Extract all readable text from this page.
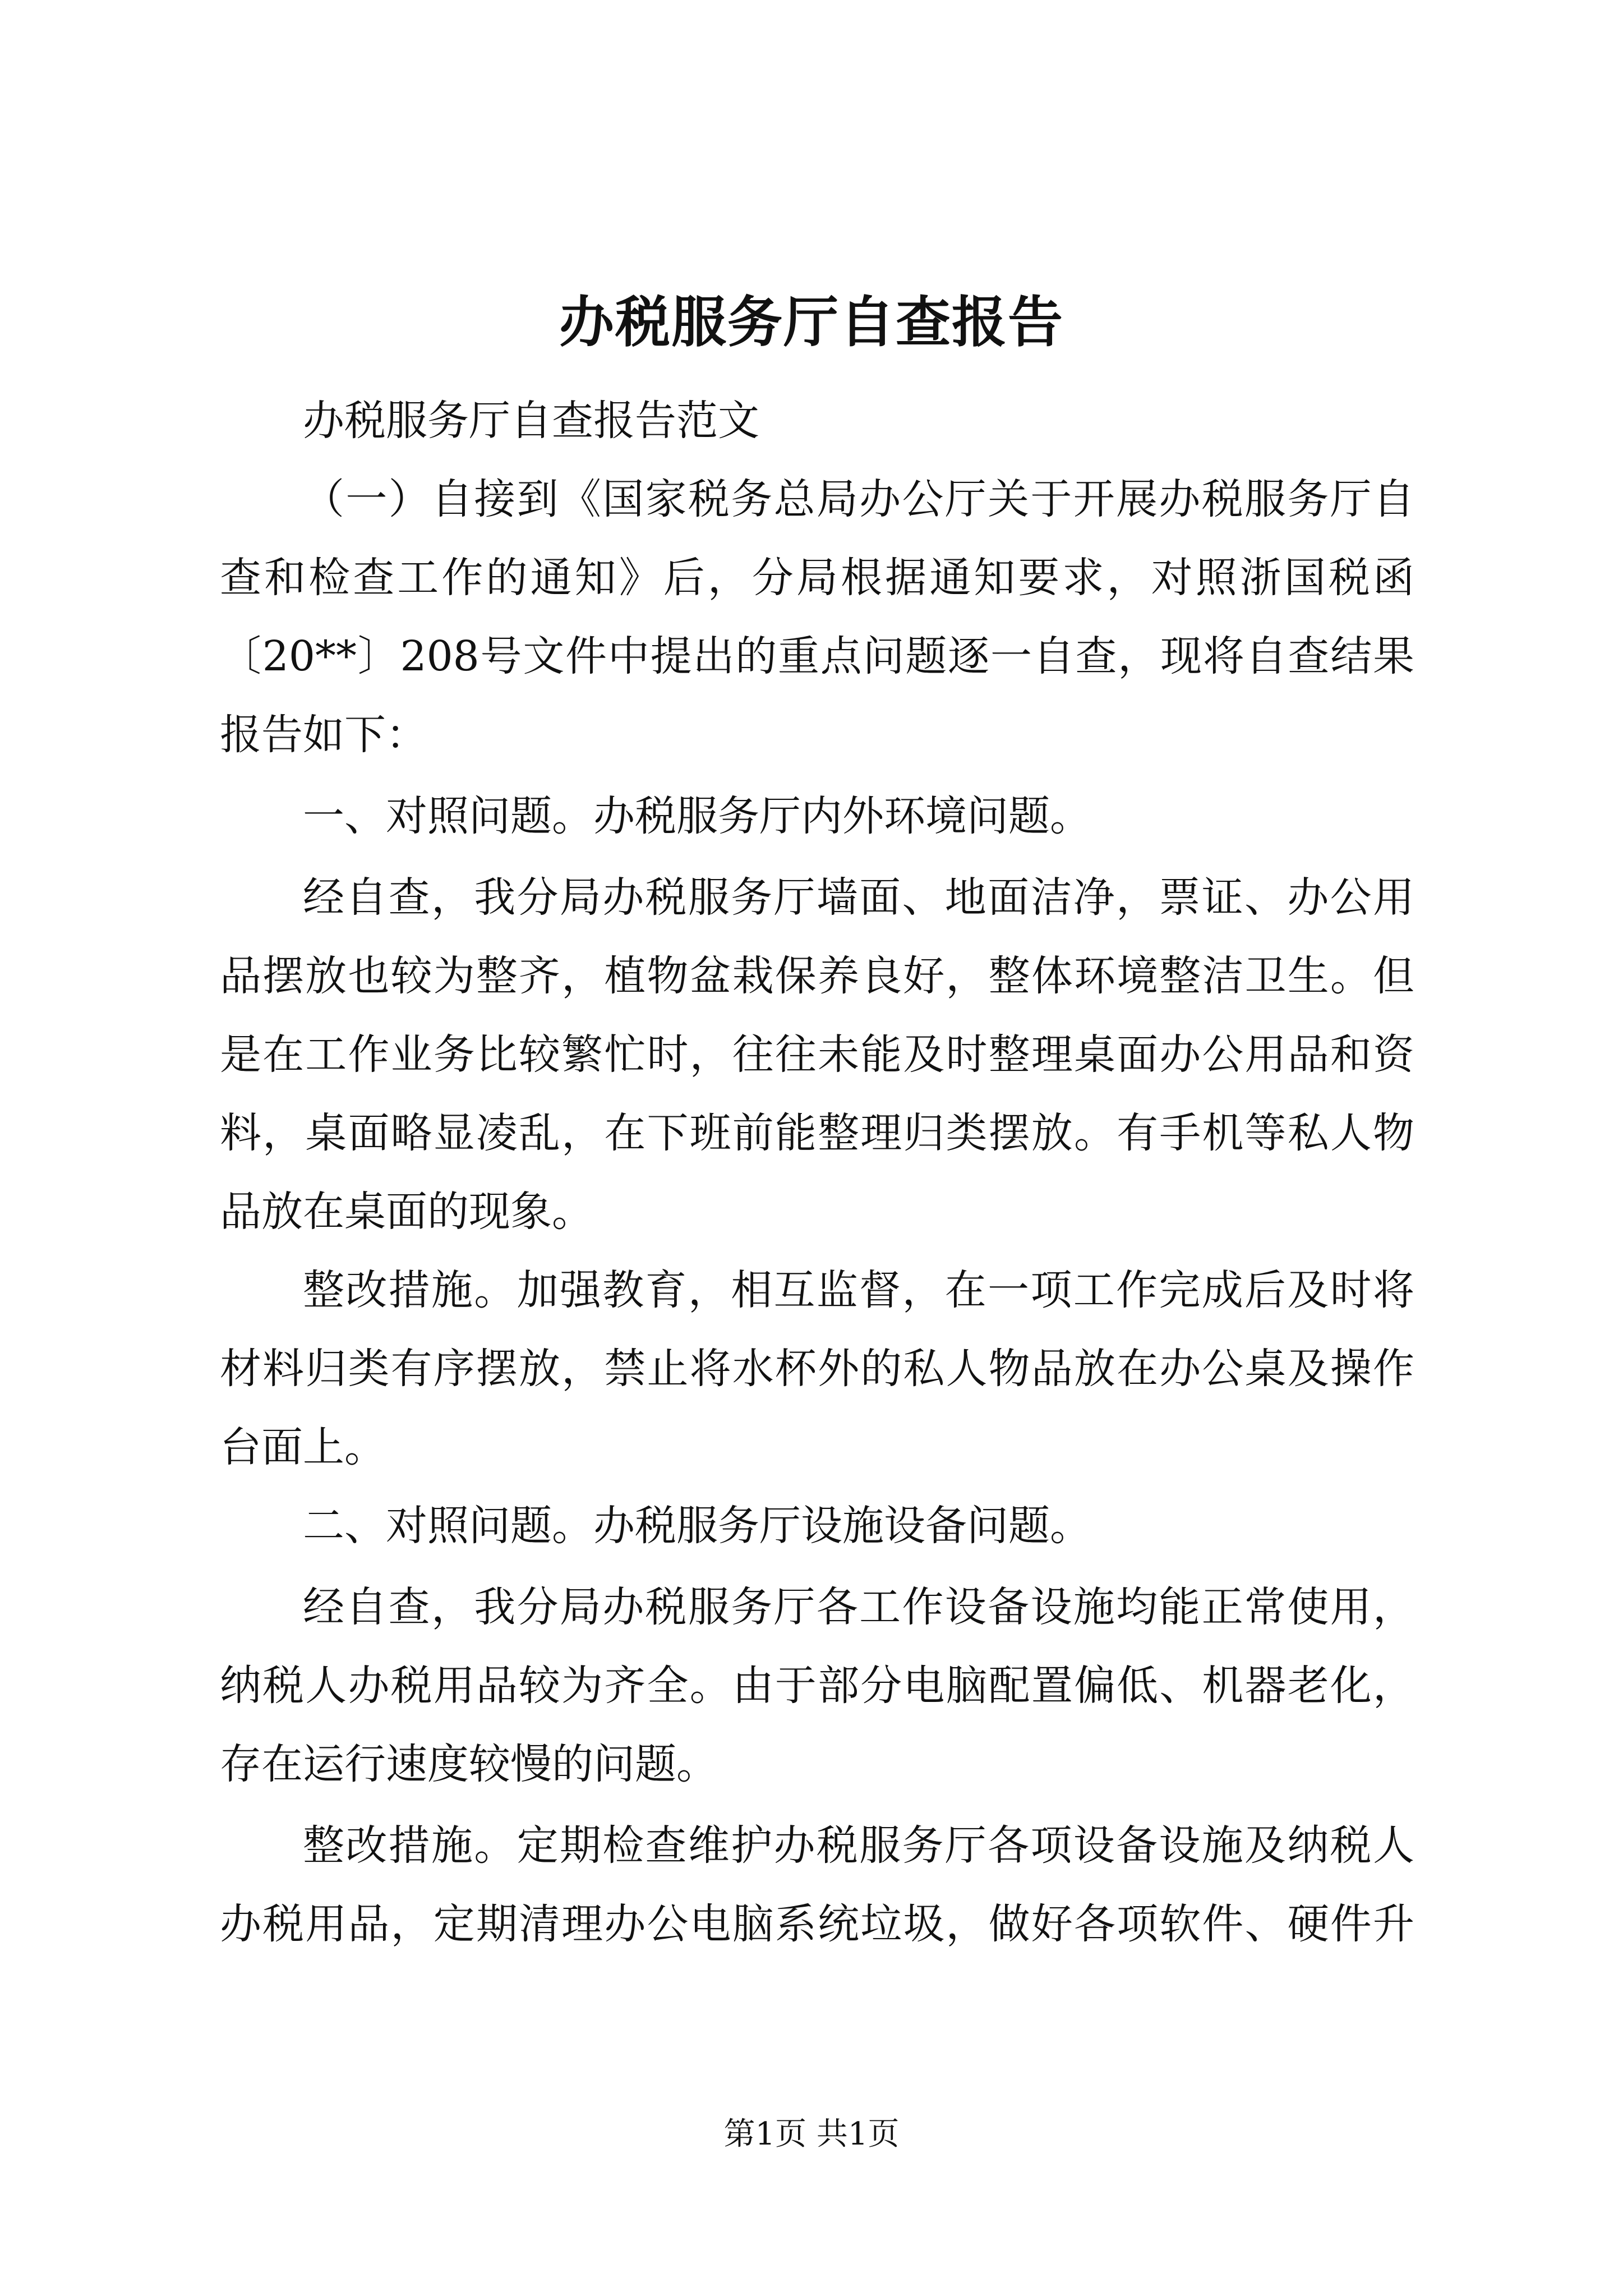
办税服务厅自查报告
办税服务厅自查报告范文
（一）自接到《国家税务总局办公厅关于开展办税服务厅自
查和检查工作的通知》后，分局根据通知要求，对照浙国税函
〔20**〕208号文件中提出的重点问题逐一自查，现将自查结果
报告如下：
一、对照问题。办税服务厅内外环境问题。
经自查，我分局办税服务厅墙面、地面洁净，票证、办公用
品摆放也较为整齐，植物盆栽保养良好，整体环境整洁卫生。但
是在工作业务比较繁忙时，往往未能及时整理桌面办公用品和资
料，桌面略显凌乱，在下班前能整理归类摆放。有手机等私人物
品放在桌面的现象。
整改措施。加强教育，相互监督，在一项工作完成后及时将
材料归类有序摆放，禁止将水杯外的私人物品放在办公桌及操作
台面上。
二、对照问题。办税服务厅设施设备问题。
经自查，我分局办税服务厅各工作设备设施均能正常使用，
纳税人办税用品较为齐全。由于部分电脑配置偏低、机器老化，
存在运行速度较慢的问题。
整改措施。定期检查维护办税服务厅各项设备设施及纳税人
办税用品，定期清理办公电脑系统垃圾，做好各项软件、硬件升
第1页 共1页
